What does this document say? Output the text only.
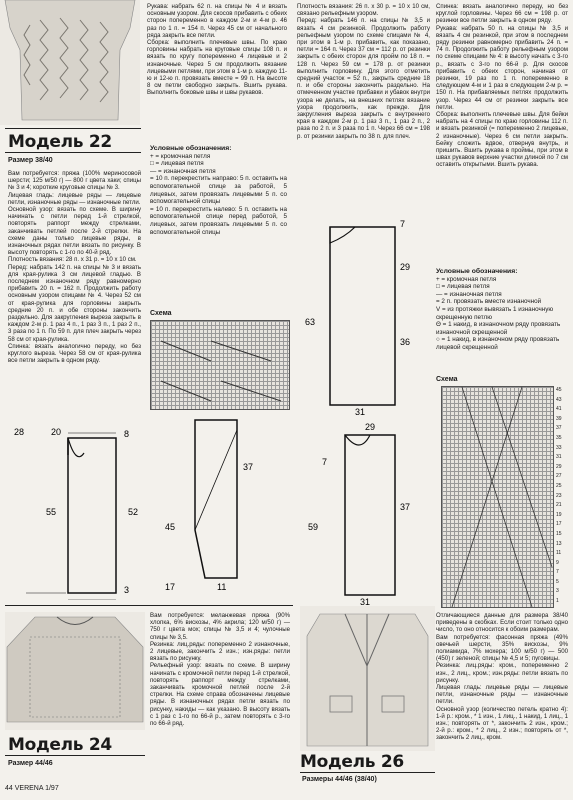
Модель 22
Размер 38/40

Вам потребуется: пряжа (100% мериносовой шерсти; 125 м/50 г) — 800 г цвета хаки; спицы № 3 и 4; короткие круговые спицы № 3.

Лицевая гладь: лицевые ряды — лицевые петли, изнаночные ряды — изнаночные петли.

Основной узор: вязать по схеме. В ширину начинать с петли перед 1-й стрелкой, повторять раппорт между стрелками, заканчивать петлей после 2-й стрелки. На схеме даны только лицевые ряды, в изнаночных рядах петли вязать по рисунку. В высоту повторять с 1-го по 40-й ряд.

Плотность вязания: 28 п. х 31 р. = 10 х 10 см.

Перед: набрать 142 п. на спицы № 3 и вязать для края-рулика 3 см лицевой гладью. В последнем изнаночном ряду равномерно прибавить 20 п. = 162 п. Продолжить работу основным узором спицами № 4. Через 52 см от края-рулика для горловины закрыть средние 20 п. и обе стороны закончить раздельно. Для закругления выреза закрыть в каждом 2-м р. 1 раз 4 п., 1 раз 3 п., 1 раз 2 п., 3 раза по 1 п. По 59 п. для плеч закрыть через 58 см от края-рулика.

Спинка: вязать аналогично переду, но без круглого выреза. Через 58 см от края-рулика все петли закрыть в одном ряду.

Рукава: набрать 62 п. на спицы № 4 и вязать основным узором. Для скосов прибавить с обеих сторон попеременно в каждом 2-м и 4-м р. 46 раз по 1 п. = 154 п. Через 45 см от начального ряда закрыть все петли.

Сборка: выполнить плечевые швы. По краю горловины набрать на круговые спицы 108 п. и вязать по кругу попеременно 4 лицевые и 2 изнаночные. Через 5 см продолжить вязание лицевыми петлями, при этом в 1-м р. каждую 11-ю и 12-ю п. провязать вместе = 99 п. На высоте 8 см петли свободно закрыть. Вшить рукава. Выполнить боковые швы и швы рукавов.

Условные обозначения:
+ = кромочная петля
□ = лицевая петля
— = изнаночная петля
= 10 п. перекрестить направо: 5 п. оставить на вспомогательной спице за работой, 5 лицевых, затем провязать лицевыми 5 п. со вспомогательной спицы
= 10 п. перекрестить налево: 5 п. оставить на вспомогательной спице перед работой, 5 лицевых, затем провязать лицевыми 5 п. со вспомогательной спицы
Схема
28	20	8
55
3
52
37
45
17	11

Плотность вязания: 26 п. х 30 р. = 10 х 10 см, связано рельефным узором.

Перед: набрать 146 п. на спицы № 3,5 и вязать 4 см резинкой. Продолжить работу рельефным узором по схеме спицами № 4, при этом в 1-м р. прибавить, как показано, петли = 164 п. Через 37 см = 112 р. от резинки закрыть с обеих сторон для пройм по 18 п. = 128 п. Через 59 см = 178 р. от резинки выполнить горловину. Для этого отметить средний участок = 52 п., закрыть средние 18 п. и обе стороны закончить раздельно. На отмеченном участке прибавки и убавок внутри узора не делать, на внешних петлях вязание узора продолжить, как прежде. Для закругления выреза закрыть с внутреннего края в каждом 2-м р. 1 раз 3 п., 1 раз 2 п., 2 раза по 2 п. и 3 раза по 1 п. Через 66 см = 198 р. от резинки закрыть по 38 п. для плеч.

Спинка: вязать аналогично переду, но без круглой горловины. Через 66 см = 198 р. от резинки все петли закрыть в одном ряду.

Рукава: набрать 50 п. на спицы № 3,5 и вязать 4 см резинкой, при этом в последнем ряду резинки равномерно прибавить 24 п. = 74 п. Продолжить работу рельефным узором по схеме спицами № 4: в высоту начать с 3-го р., вязать с 3-го по 66-й р. Для скосов прибавить с обеих сторон, начиная от резинки, 19 раз по 1 п. попеременно в следующем 4-м и 1 раз в следующем 2-м р. = 150 п. На прибавляемых петлях продолжить узор. Через 44 см от резинки закрыть все петли.

Сборка: выполнить плечевые швы. Для бейки набрать на 4 спицы по краю горловины 112 п. и вязать резинкой (= попеременно 2 лицевые, 2 изнаночные). Через 6 см петли закрыть. Бейку сложить вдвое, отвернув внутрь, и пришить. Вшить рукава в проймы, при этом в швах рукавов верхние участки длиной по 7 см оставить открытыми. Вшить рукава.

Условные обозначения:
+ = кромочная петля
□ = лицевая петля
— = изнаночная петля
= 2 п. провязать вместе изнаночной
V = из протяжки вывязать 1 изнаночную скрещенную петлю
Θ = 1 накид, в изнаночном ряду провязать изнаночной скрещенной
○ = 1 накид, в изнаночном ряду провязать лицевой скрещенной
Схема
45
43
41
39
37
35
33
31
29
27
25
23
21
19
17
15
13
11
9
7
5
3
1
29
7
63
36
31
29
7
37
59
31
Модель 26
Размеры 44/46 (38/40)

Отличающиеся данные для размера 38/40 приведены в скобках. Если стоит только одно число, то оно относится к обоим размерам.

Вам потребуется: фасонная пряжа (49% овечьей шерсти, 35% вискозы, 9% полиамида, 7% мохера; 100 м/50 г) — 500 (450) г зеленой; спицы № 4,5 и 5; пуговицы.

Резинка: лиц.ряды: кром., попеременно 2 изн., 2 лиц., кром.; изн.ряды: петли вязать по рисунку.

Лицевая гладь: лицевые ряды — лицевые петли, изнаночные ряды — изнаночные петли.

Основной узор (количество петель кратно 4): 1-й р.: кром., * 1 изн., 1 лиц., 1 накид, 1 лиц., 1 изн.; повторять от *, закончить 2 изн., кром.; 2-й р.: кром., * 2 лиц., 2 изн.; повторять от *, закончить 2 лиц., кром.

Модель 24
Размер 44/46

Вам потребуется: меланжевая пряжа (90% хлопка, 6% вискозы, 4% акрила; 120 м/50 г) — 750 г цвета мох; спицы № 3,5 и 4; чулочные спицы № 3,5.

Резинка: лиц.ряды: попеременно 2 изнаночные, 2 лицевые, закончить 2 изн.; изн.ряды: петли вязать по рисунку.

Рельефный узор: вязать по схеме. В ширину начинать с кромочной петли перед 1-й стрелкой, повторять раппорт между стрелками, заканчивать кромочной петлей после 2-й стрелки. На схеме справа обозначены лицевые ряды. В изнаночных рядах петли вязать по рисунку, накиды — как указано. В высоту вязать с 1 раз с 1-го по 66-й р., затем повторять с 3-го по 66-й ряд.

44 VERENA 1/97
